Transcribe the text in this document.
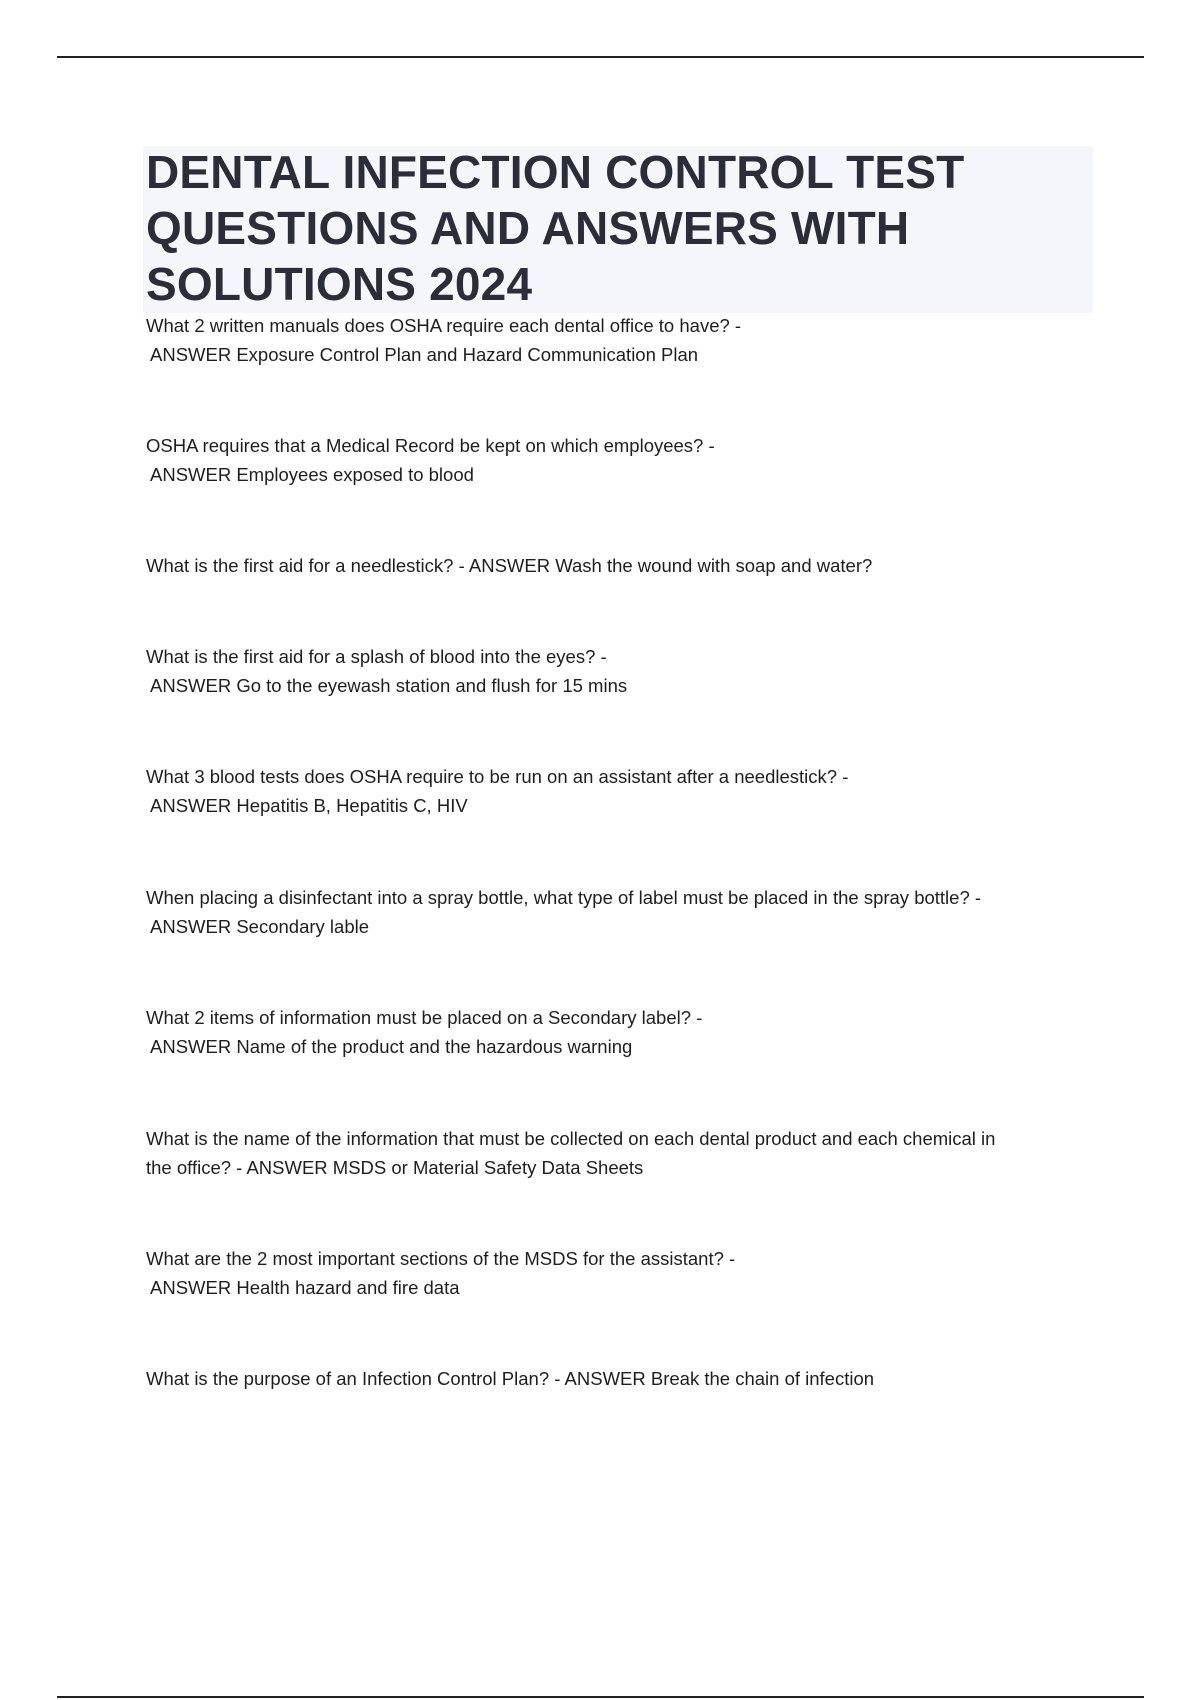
DENTAL INFECTION CONTROL TEST QUESTIONS AND ANSWERS WITH SOLUTIONS 2024
What 2 written manuals does OSHA require each dental office to have? -
ANSWER Exposure Control Plan and Hazard Communication Plan
OSHA requires that a Medical Record be kept on which employees? -
ANSWER Employees exposed to blood
What is the first aid for a needlestick? - ANSWER Wash the wound with soap and water?
What is the first aid for a splash of blood into the eyes? -
ANSWER Go to the eyewash station and flush for 15 mins
What 3 blood tests does OSHA require to be run on an assistant after a needlestick? -
ANSWER Hepatitis B, Hepatitis C, HIV
When placing a disinfectant into a spray bottle, what type of label must be placed in the spray bottle? -
ANSWER Secondary lable
What 2 items of information must be placed on a Secondary label? -
ANSWER Name of the product and the hazardous warning
What is the name of the information that must be collected on each dental product and each chemical in
the office? - ANSWER MSDS or Material Safety Data Sheets
What are the 2 most important sections of the MSDS for the assistant? -
ANSWER Health hazard and fire data
What is the purpose of an Infection Control Plan? - ANSWER Break the chain of infection
